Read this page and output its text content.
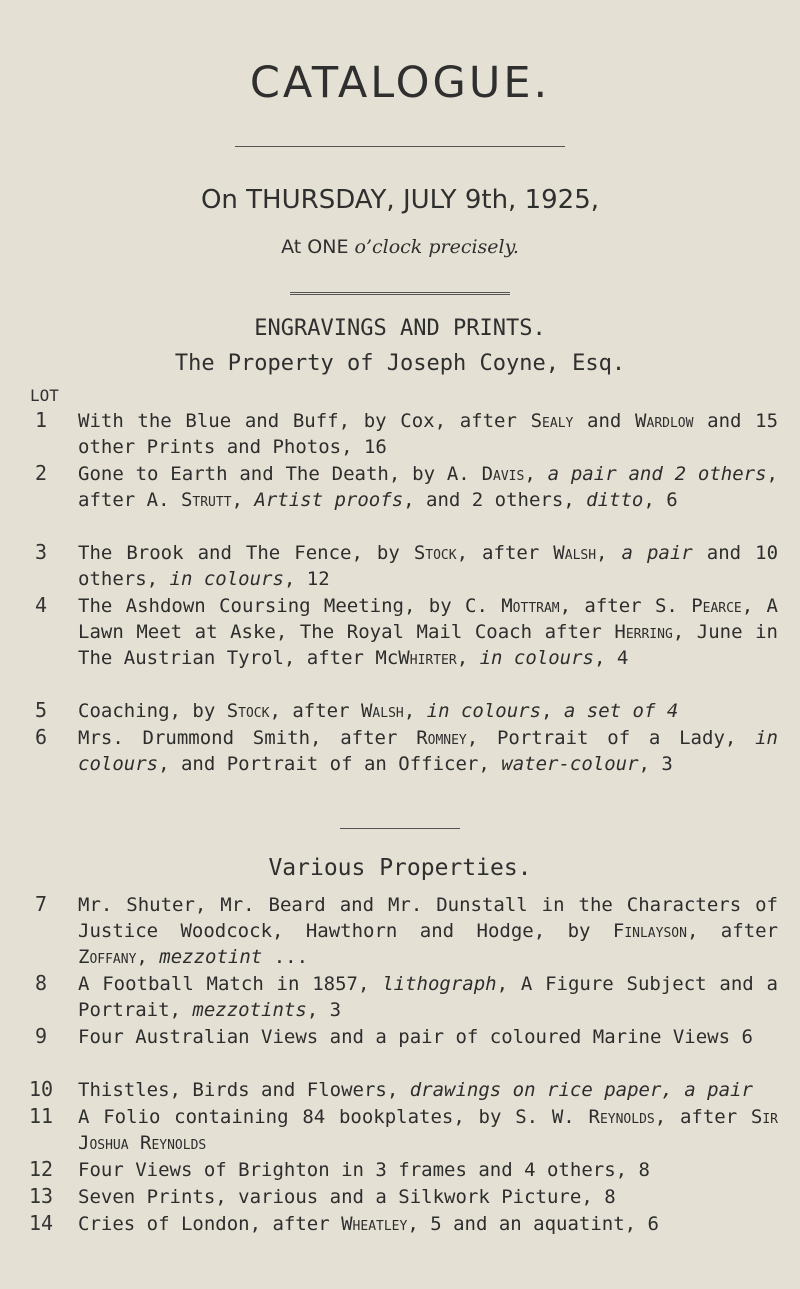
CATALOGUE.
On THURSDAY, JULY 9th, 1925,
At ONE o’clock precisely.
ENGRAVINGS AND PRINTS.
The Property of Joseph Coyne, Esq.
LOT
1	With the Blue and Buff, by Cox, after Sealy and Wardlow and 15 other Prints and Photos, 16
2	Gone to Earth and The Death, by A. Davis, a pair and 2 others, after A. Strutt, Artist proofs, and 2 others, ditto, 6
3	The Brook and The Fence, by Stock, after Walsh, a pair and 10 others, in colours, 12
4	The Ashdown Coursing Meeting, by C. Mottram, after S. Pearce, A Lawn Meet at Aske, The Royal Mail Coach after Herring, June in The Austrian Tyrol, after McWhirter, in colours, 4
5	Coaching, by Stock, after Walsh, in colours, a set of 4
6	Mrs. Drummond Smith, after Romney, Portrait of a Lady, in colours, and Portrait of an Officer, water-colour, 3
Various Properties.
7	Mr. Shuter, Mr. Beard and Mr. Dunstall in the Characters of Justice Woodcock, Hawthorn and Hodge, by Finlayson, after Zoffany, mezzotint ...
8	A Football Match in 1857, lithograph, A Figure Subject and a Portrait, mezzotints, 3
9	Four Australian Views and a pair of coloured Marine Views 6
10	Thistles, Birds and Flowers, drawings on rice paper, a pair
11	A Folio containing 84 bookplates, by S. W. Reynolds, after Sir Joshua Reynolds
12	Four Views of Brighton in 3 frames and 4 others, 8
13	Seven Prints, various and a Silkwork Picture, 8
14	Cries of London, after Wheatley, 5 and an aquatint, 6
